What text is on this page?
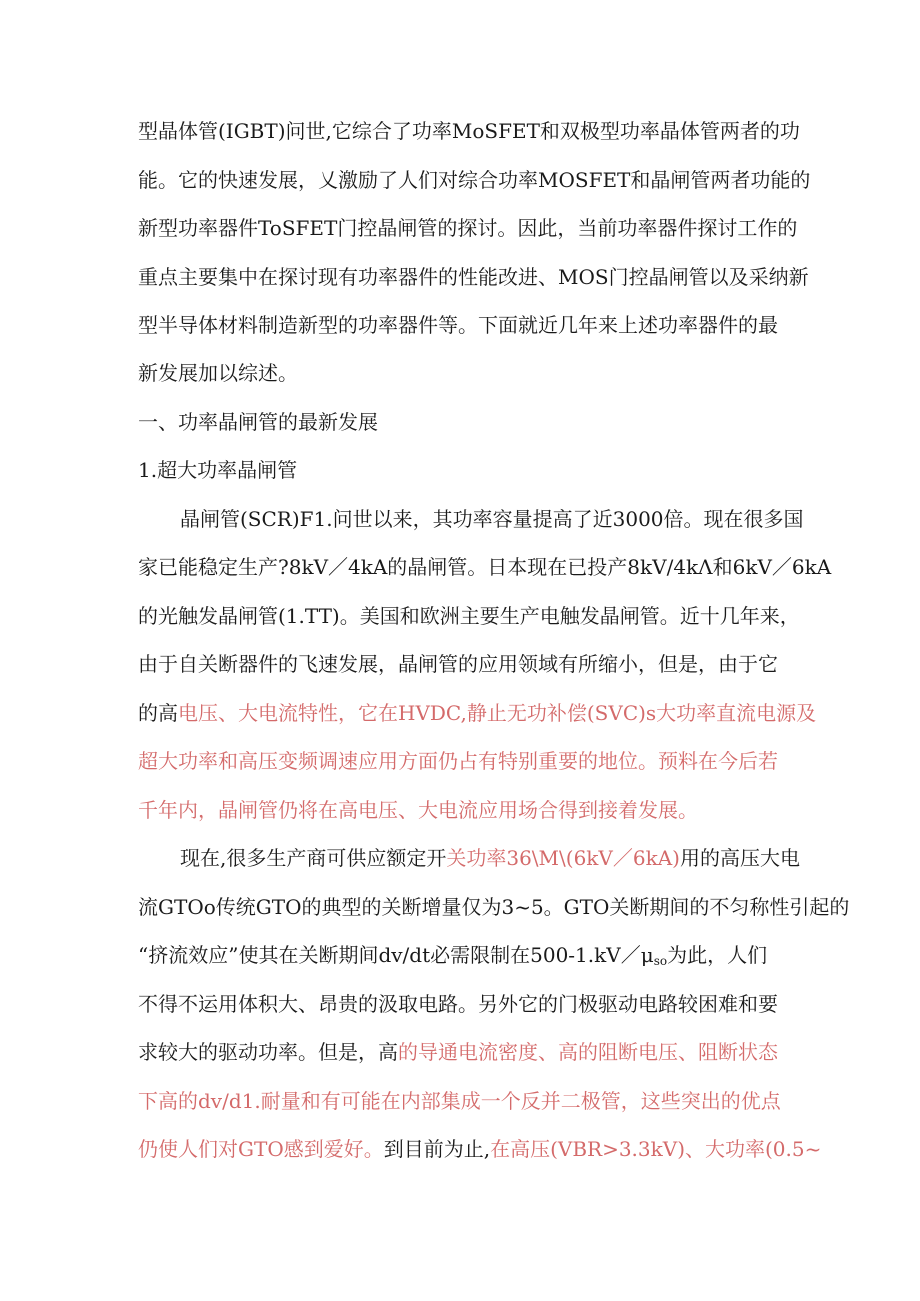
型晶体管(IGBT)问世,它综合了功率MoSFET和双极型功率晶体管两者的功
能。它的快速发展，乂激励了人们对综合功率MOSFET和晶闸管两者功能的
新型功率器件ToSFET门控晶闸管的探讨。因此，当前功率器件探讨工作的
重点主要集中在探讨现有功率器件的性能改进、MOS门控晶闸管以及采纳新
型半导体材料制造新型的功率器件等。下面就近几年来上述功率器件的最
新发展加以综述。
一、功率晶闸管的最新发展
1.超大功率晶闸管
晶闸管(SCR)F1.问世以来，其功率容量提高了近3000倍。现在很多国
家已能稳定生产?8kV／4kA的晶闸管。日本现在已投产8kV/4kΛ和6kV／6kA
的光触发晶闸管(1.TT)。美国和欧洲主要生产电触发晶闸管。近十几年来，
由于自关断器件的飞速发展，晶闸管的应用领域有所缩小，但是，由于它
的高电压、大电流特性，它在HVDC,静止无功补偿(SVC)s大功率直流电源及
超大功率和高压变频调速应用方面仍占有特别重要的地位。预料在今后若
千年内，晶闸管仍将在高电压、大电流应用场合得到接着发展。
现在,很多生产商可供应额定开关功率36\M\(6kV／6kA)用的高压大电
流GTOo传统GTO的典型的关断增量仅为3~5。GTO关断期间的不匀称性引起的
“挤流效应”使其在关断期间dv/dt必需限制在$500-1.kV/\mu_{so}$为此，人们
不得不运用体积大、昂贵的汲取电路。另外它的门极驱动电路较困难和要
求较大的驱动功率。但是，高的导通电流密度、高的阻断电压、阻断状态
下高的dv/d1.耐量和有可能在内部集成一个反并二极管，这些突出的优点
仍使人们对GTO感到爱好。到目前为止,在高压(VBR>3.3kV)、大功率(0.5~
